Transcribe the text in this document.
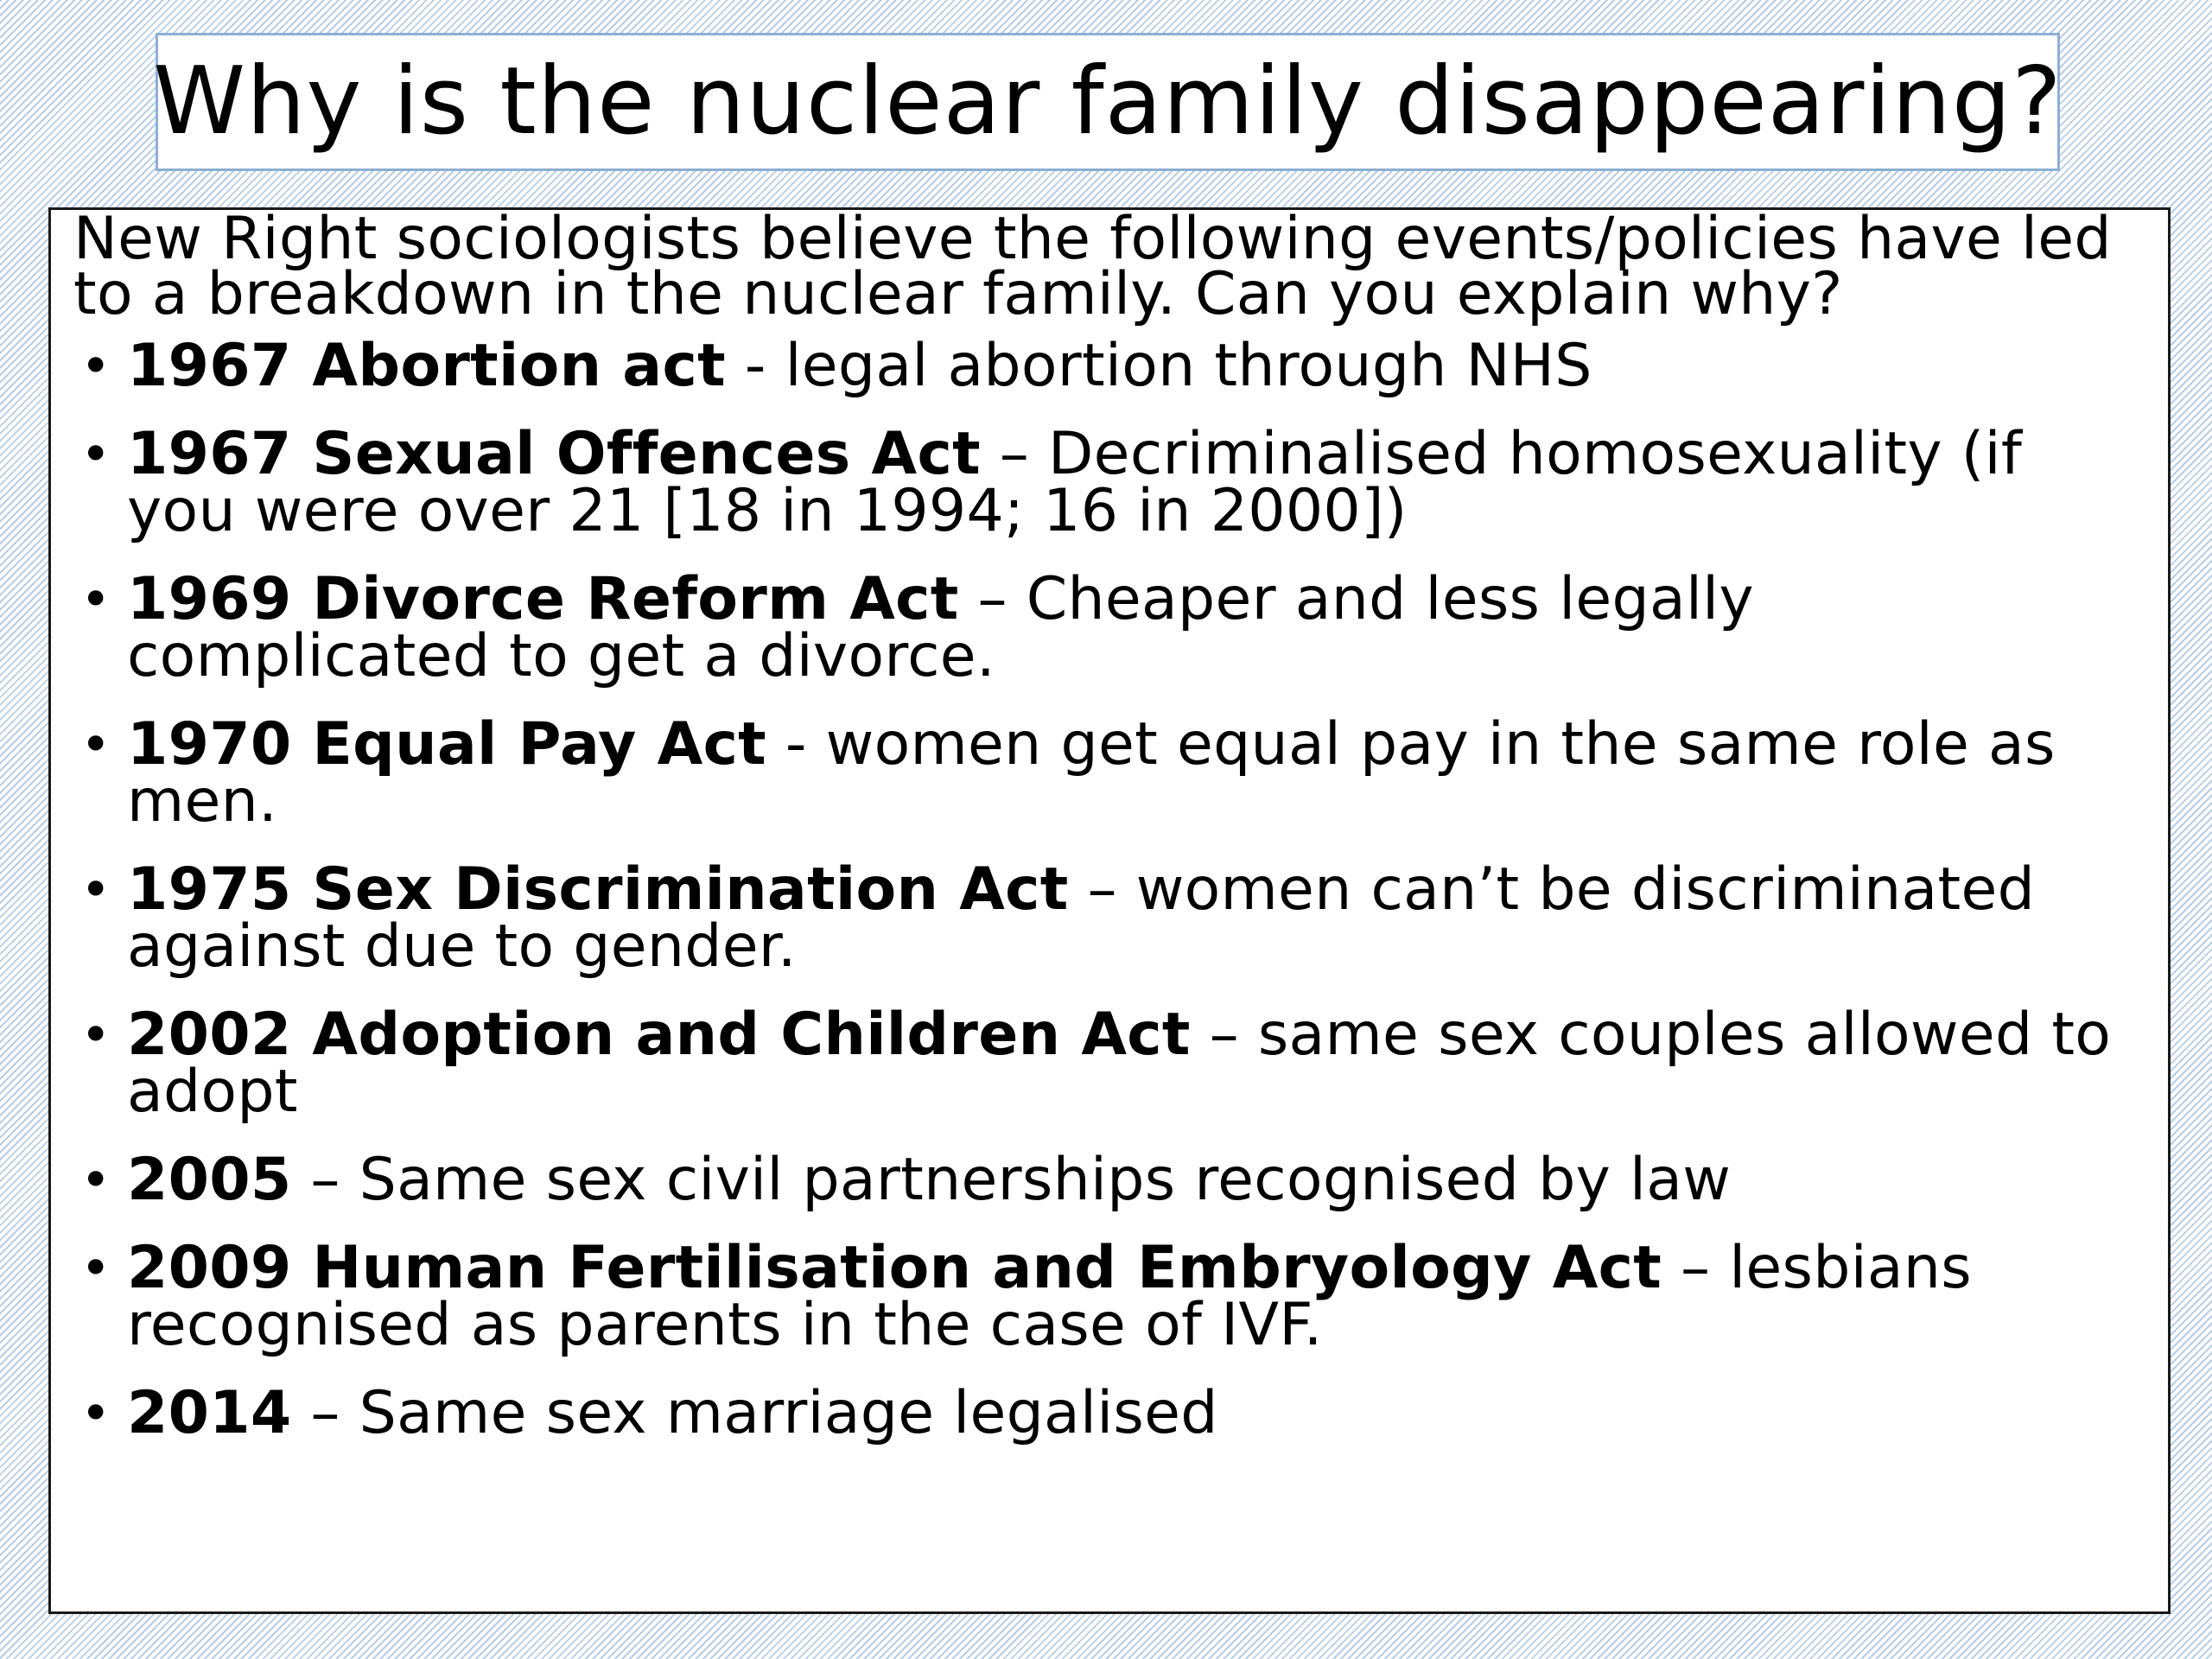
Why is the nuclear family disappearing?

New Right sociologists believe the following events/policies have led to a breakdown in the nuclear family. Can you explain why?

• 1967 Abortion act - legal abortion through NHS
• 1967 Sexual Offences Act – Decriminalised homosexuality (if you were over 21 [18 in 1994; 16 in 2000])
• 1969 Divorce Reform Act – Cheaper and less legally complicated to get a divorce.
• 1970 Equal Pay Act - women get equal pay in the same role as men.
• 1975 Sex Discrimination Act – women can’t be discriminated against due to gender.
• 2002 Adoption and Children Act – same sex couples allowed to adopt
• 2005 – Same sex civil partnerships recognised by law
• 2009 Human Fertilisation and Embryology Act – lesbians recognised as parents in the case of IVF.
• 2014 – Same sex marriage legalised
